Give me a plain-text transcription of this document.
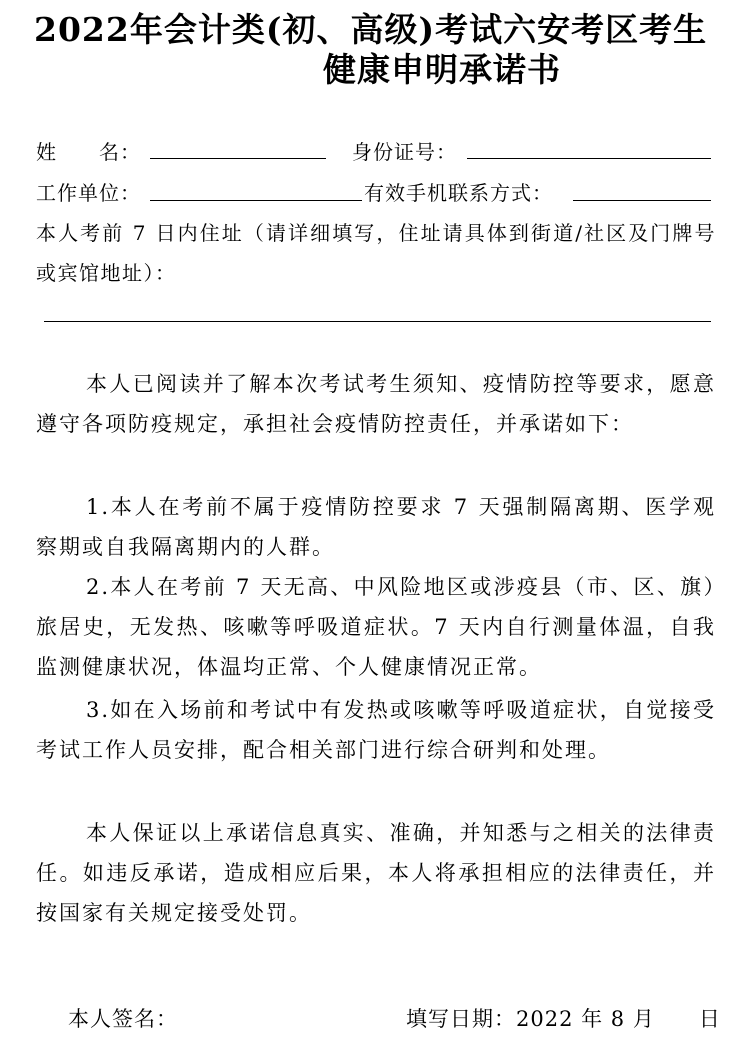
2022年会计类(初、高级)考试六安考区考生
健康申明承诺书
姓　　名：	身份证号：
工作单位：	有效手机联系方式：
本人考前 7 日内住址（请详细填写，住址请具体到街道/社区及门牌号或宾馆地址）：
本人已阅读并了解本次考试考生须知、疫情防控等要求，愿意遵守各项防疫规定，承担社会疫情防控责任，并承诺如下：
1.本人在考前不属于疫情防控要求 7 天强制隔离期、医学观察期或自我隔离期内的人群。
2.本人在考前 7 天无高、中风险地区或涉疫县（市、区、旗）旅居史，无发热、咳嗽等呼吸道症状。7 天内自行测量体温，自我监测健康状况，体温均正常、个人健康情况正常。
3.如在入场前和考试中有发热或咳嗽等呼吸道症状，自觉接受考试工作人员安排，配合相关部门进行综合研判和处理。
本人保证以上承诺信息真实、准确，并知悉与之相关的法律责任。如违反承诺，造成相应后果，本人将承担相应的法律责任，并按国家有关规定接受处罚。
本人签名：	填写日期：2022 年 8 月　　日
